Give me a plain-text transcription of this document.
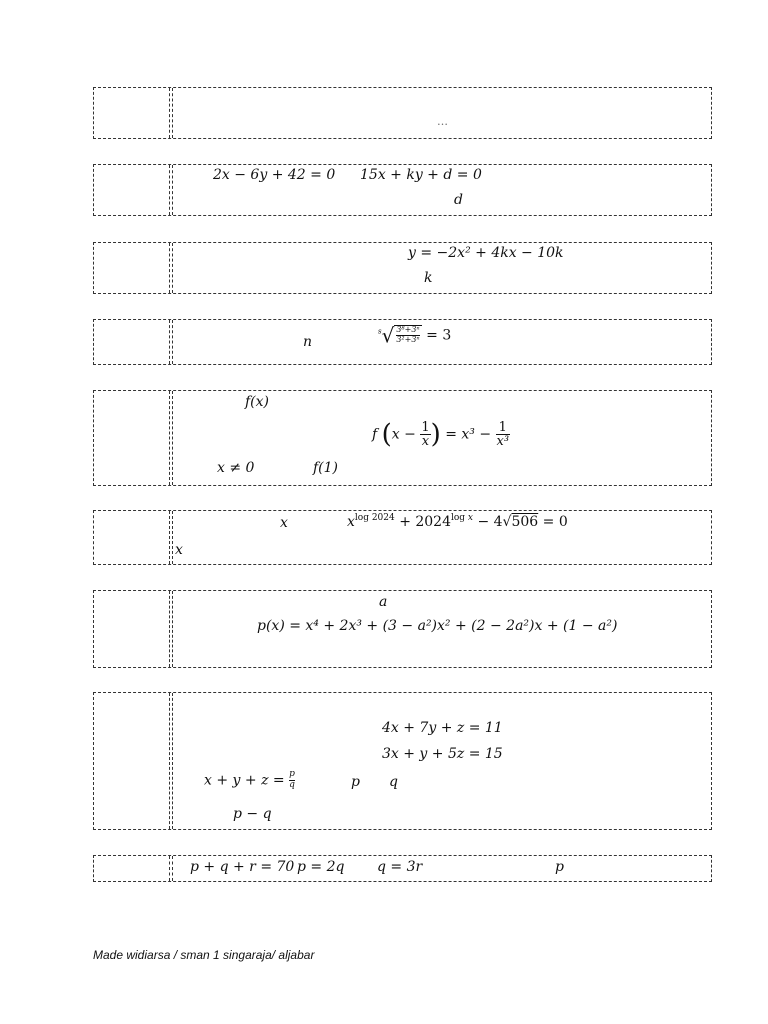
…
2x − 6y + 42 = 0 15x + ky + d = 0
d
y = −2x² + 4kx − 10k
k
n
$^s√ \frac{\text{3⁸+3ⁿ}}{\text{3²+3ⁿ}} = 3$
f(x)
f ($x - \frac{1}{x}$ ) = $x^3 - \frac{1}{\text{x³}}$
x ≠ 0	f(1)
x	$x^{log 2024} + 2024^{log x} - 4√506 = 0$
x
a
p(x) = x⁴ + 2x³ + (3 − a²)x² + (2 − 2a²)x + (1 − a²)
4x + 7y + z = 11
3x + y + 5z = 15
$x + y + z = \frac{p}{q}$	p q
p − q
p + q + r = 70 p = 2q q = 3r	p
Made widiarsa / sman 1 singaraja/ aljabar
